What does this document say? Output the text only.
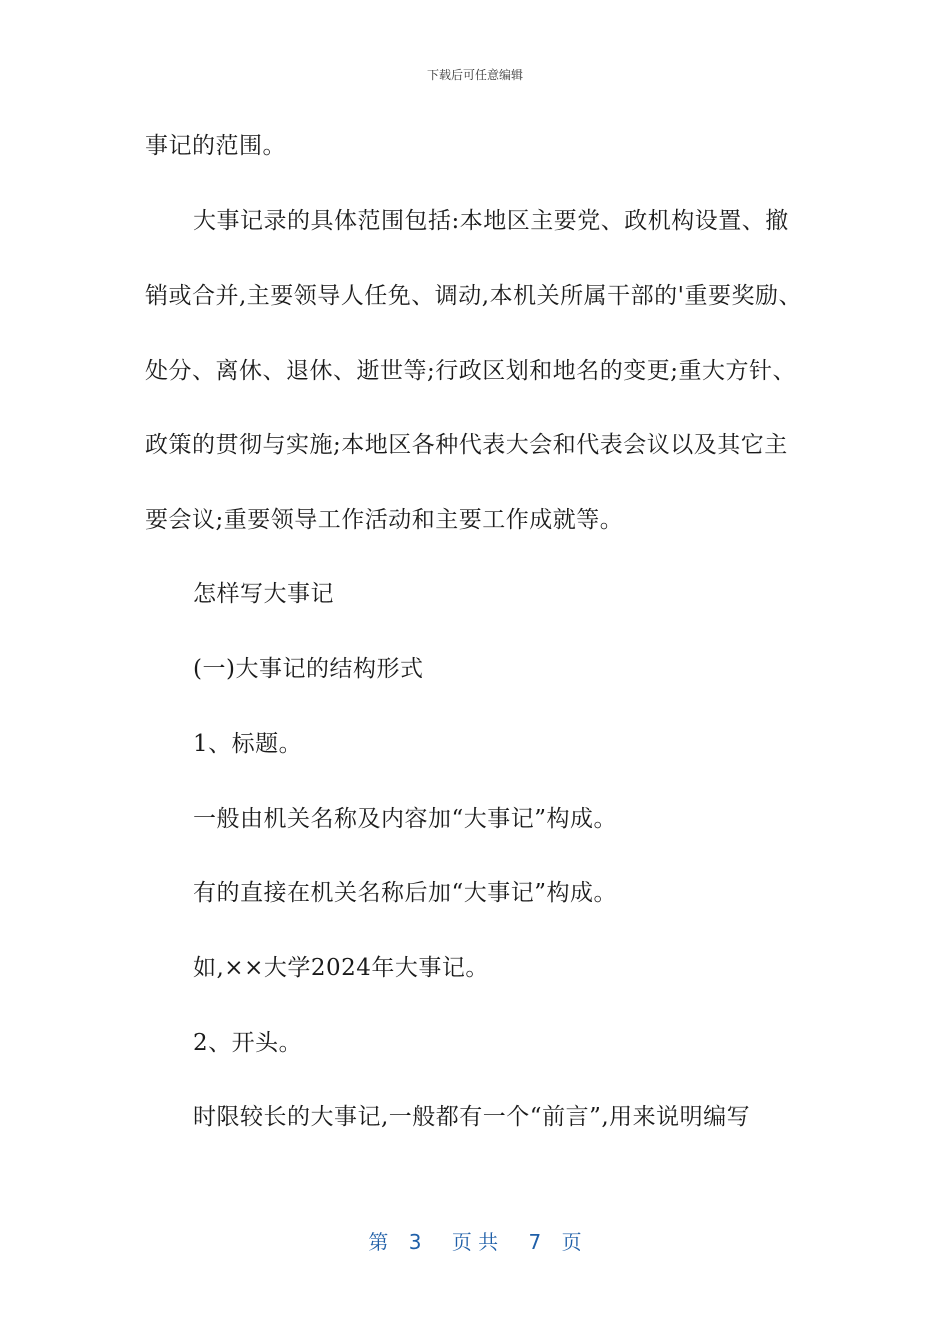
下载后可任意编辑
事记的范围。
大事记录的具体范围包括:本地区主要党、政机构设置、撤
销或合并,主要领导人任免、调动,本机关所属干部的'重要奖励、
处分、离休、退休、逝世等;行政区划和地名的变更;重大方针、
政策的贯彻与实施;本地区各种代表大会和代表会议以及其它主
要会议;重要领导工作活动和主要工作成就等。
怎样写大事记
(一)大事记的结构形式
1、标题。
一般由机关名称及内容加“大事记”构成。
有的直接在机关名称后加“大事记”构成。
如,××大学2024年大事记。
2、开头。
时限较长的大事记,一般都有一个“前言”,用来说明编写
第 3 页 共 7 页
